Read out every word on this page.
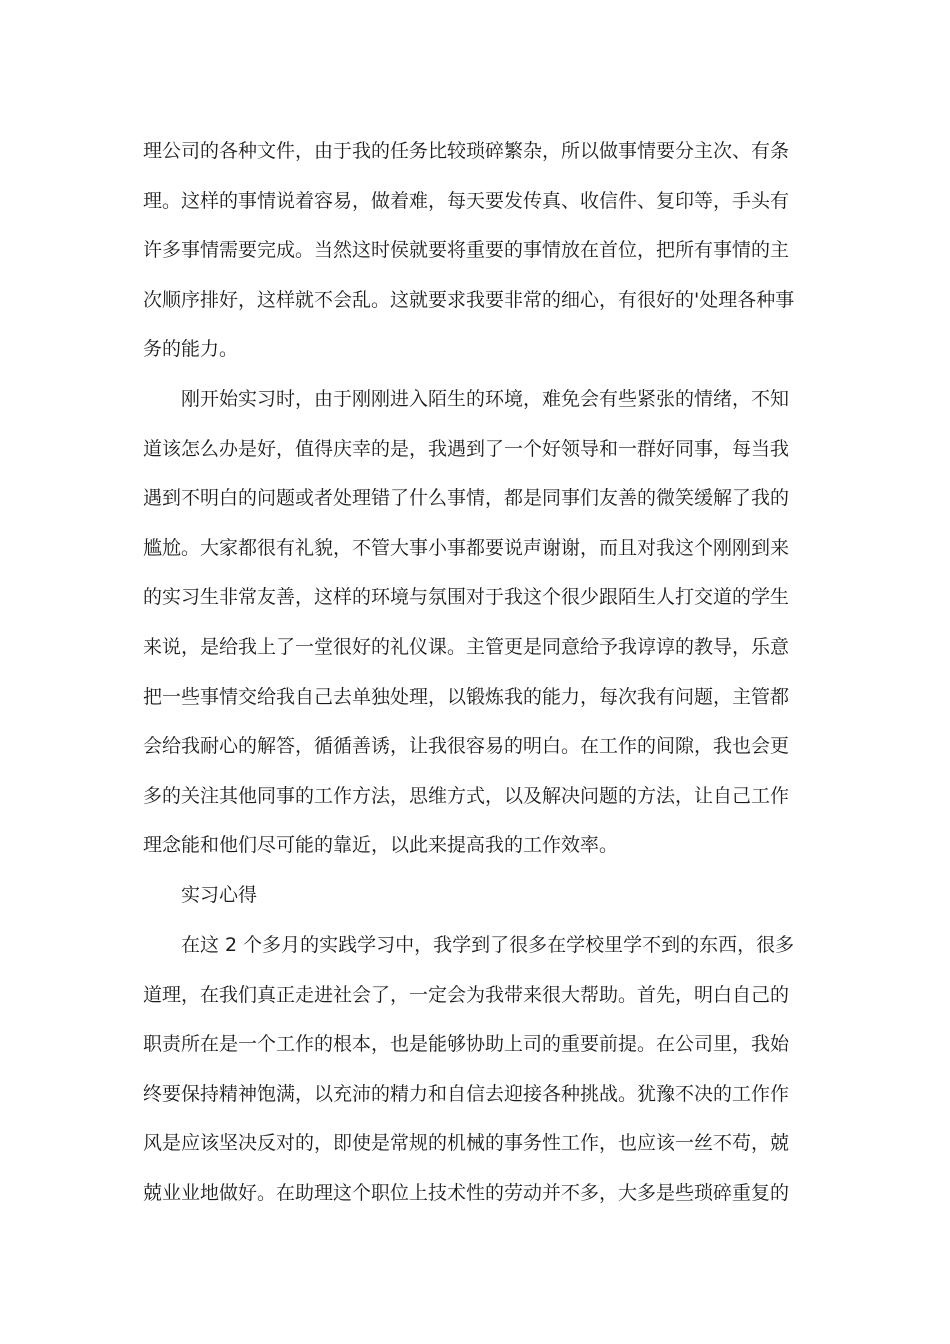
理公司的各种文件，由于我的任务比较琐碎繁杂，所以做事情要分主次、有条
理。这样的事情说着容易，做着难，每天要发传真、收信件、复印等，手头有
许多事情需要完成。当然这时侯就要将重要的事情放在首位，把所有事情的主
次顺序排好，这样就不会乱。这就要求我要非常的细心，有很好的'处理各种事
务的能力。
刚开始实习时，由于刚刚进入陌生的环境，难免会有些紧张的情绪，不知
道该怎么办是好，值得庆幸的是，我遇到了一个好领导和一群好同事，每当我
遇到不明白的问题或者处理错了什么事情，都是同事们友善的微笑缓解了我的
尴尬。大家都很有礼貌，不管大事小事都要说声谢谢，而且对我这个刚刚到来
的实习生非常友善，这样的环境与氛围对于我这个很少跟陌生人打交道的学生
来说，是给我上了一堂很好的礼仪课。主管更是同意给予我谆谆的教导，乐意
把一些事情交给我自己去单独处理，以锻炼我的能力，每次我有问题，主管都
会给我耐心的解答，循循善诱，让我很容易的明白。在工作的间隙，我也会更
多的关注其他同事的工作方法，思维方式，以及解决问题的方法，让自己工作
理念能和他们尽可能的靠近，以此来提高我的工作效率。
实习心得
在这 2 个多月的实践学习中，我学到了很多在学校里学不到的东西，很多
道理，在我们真正走进社会了，一定会为我带来很大帮助。首先，明白自己的
职责所在是一个工作的根本，也是能够协助上司的重要前提。在公司里，我始
终要保持精神饱满，以充沛的精力和自信去迎接各种挑战。犹豫不决的工作作
风是应该坚决反对的，即使是常规的机械的事务性工作，也应该一丝不苟，兢
兢业业地做好。在助理这个职位上技术性的劳动并不多，大多是些琐碎重复的
